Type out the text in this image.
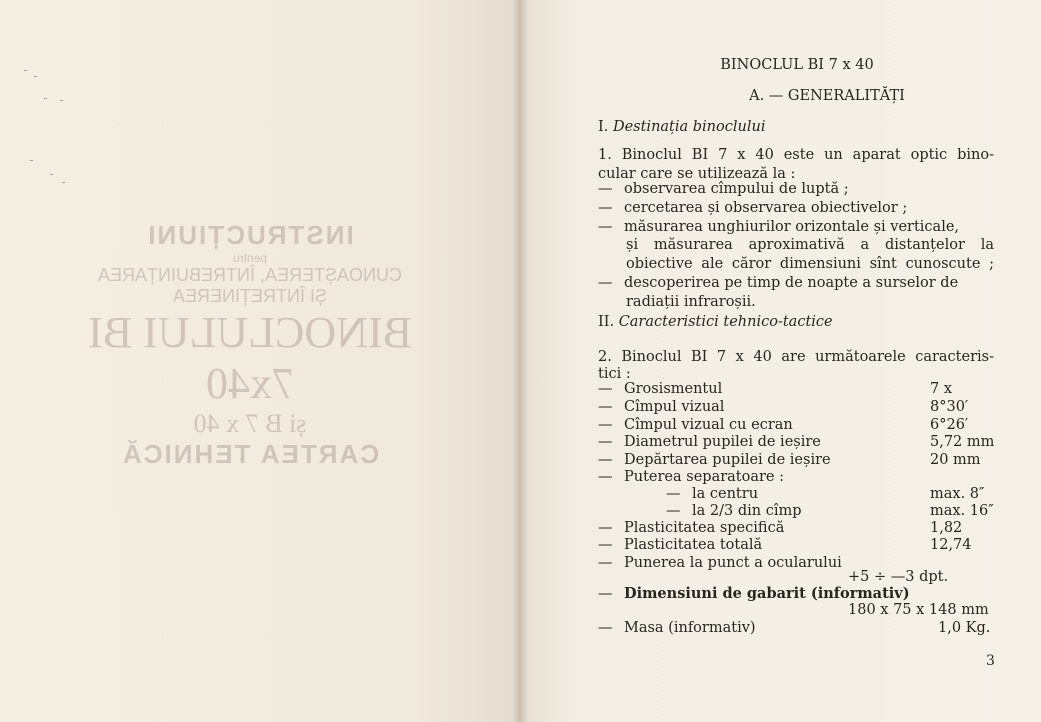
INSTRUCȚIUNI
pentru
CUNOAȘTEREA, ÎNTREBUINȚAREA
ȘI ÎNTREȚINEREA
BINOCLULUI BI 7x40
și B 7 x 40
CARTEA TEHNICĂ
BINOCLUL BI 7 x 40
A. — GENERALITĂȚI
I. Destinația binoclului
1. Binoclul BI 7 x 40 este un aparat optic bino-
cular care se utilizează la :
— observarea cîmpului de luptă ;
— cercetarea și observarea obiectivelor ;
— măsurarea unghiurilor orizontale și verticale,
și măsurarea aproximativă a distanțelor la
obiective ale căror dimensiuni sînt cunoscute ;
— descoperirea pe timp de noapte a surselor de
radiații infraroșii.
II. Caracteristici tehnico-tactice
2. Binoclul BI 7 x 40 are următoarele caracteris-
tici :
— Grosismentul	7 x
— Cîmpul vizual	8°30′
— Cîmpul vizual cu ecran	6°26′
— Diametrul pupilei de ieșire	5,72 mm
— Depărtarea pupilei de ieșire	20 mm
— Puterea separatoare :
— la centru	max. 8″
— la 2/3 din cîmp	max. 16″
— Plasticitatea specifică	1,82
— Plasticitatea totală	12,74
— Punerea la punct a ocularului
+5 ÷ —3 dpt.
— Dimensiuni de gabarit (informativ)
180 x 75 x 148 mm
— Masa (informativ)	1,0 Kg.
3
